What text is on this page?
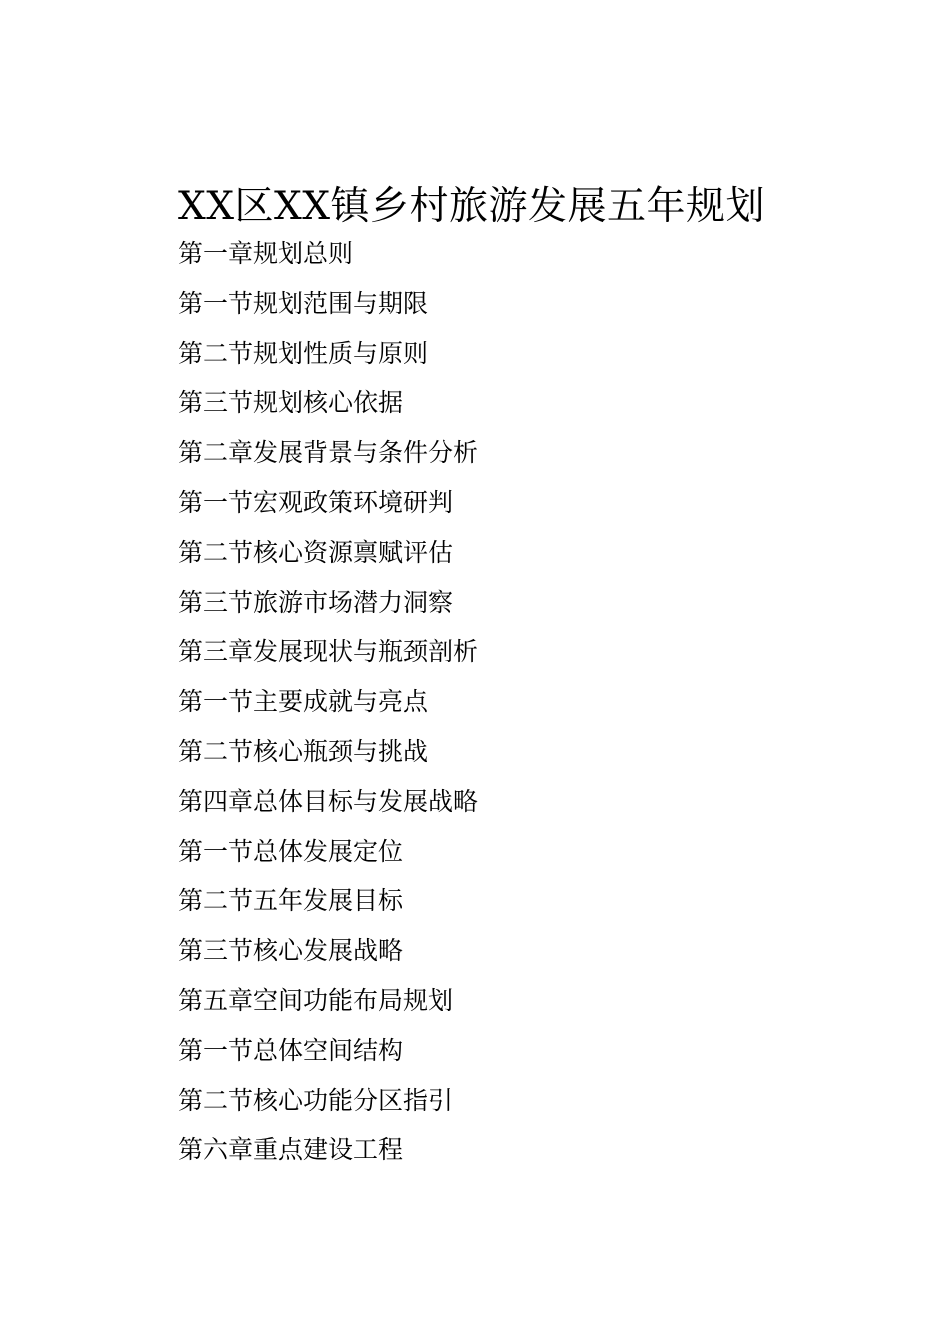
XX区XX镇乡村旅游发展五年规划
第一章规划总则
第一节规划范围与期限
第二节规划性质与原则
第三节规划核心依据
第二章发展背景与条件分析
第一节宏观政策环境研判
第二节核心资源禀赋评估
第三节旅游市场潜力洞察
第三章发展现状与瓶颈剖析
第一节主要成就与亮点
第二节核心瓶颈与挑战
第四章总体目标与发展战略
第一节总体发展定位
第二节五年发展目标
第三节核心发展战略
第五章空间功能布局规划
第一节总体空间结构
第二节核心功能分区指引
第六章重点建设工程
